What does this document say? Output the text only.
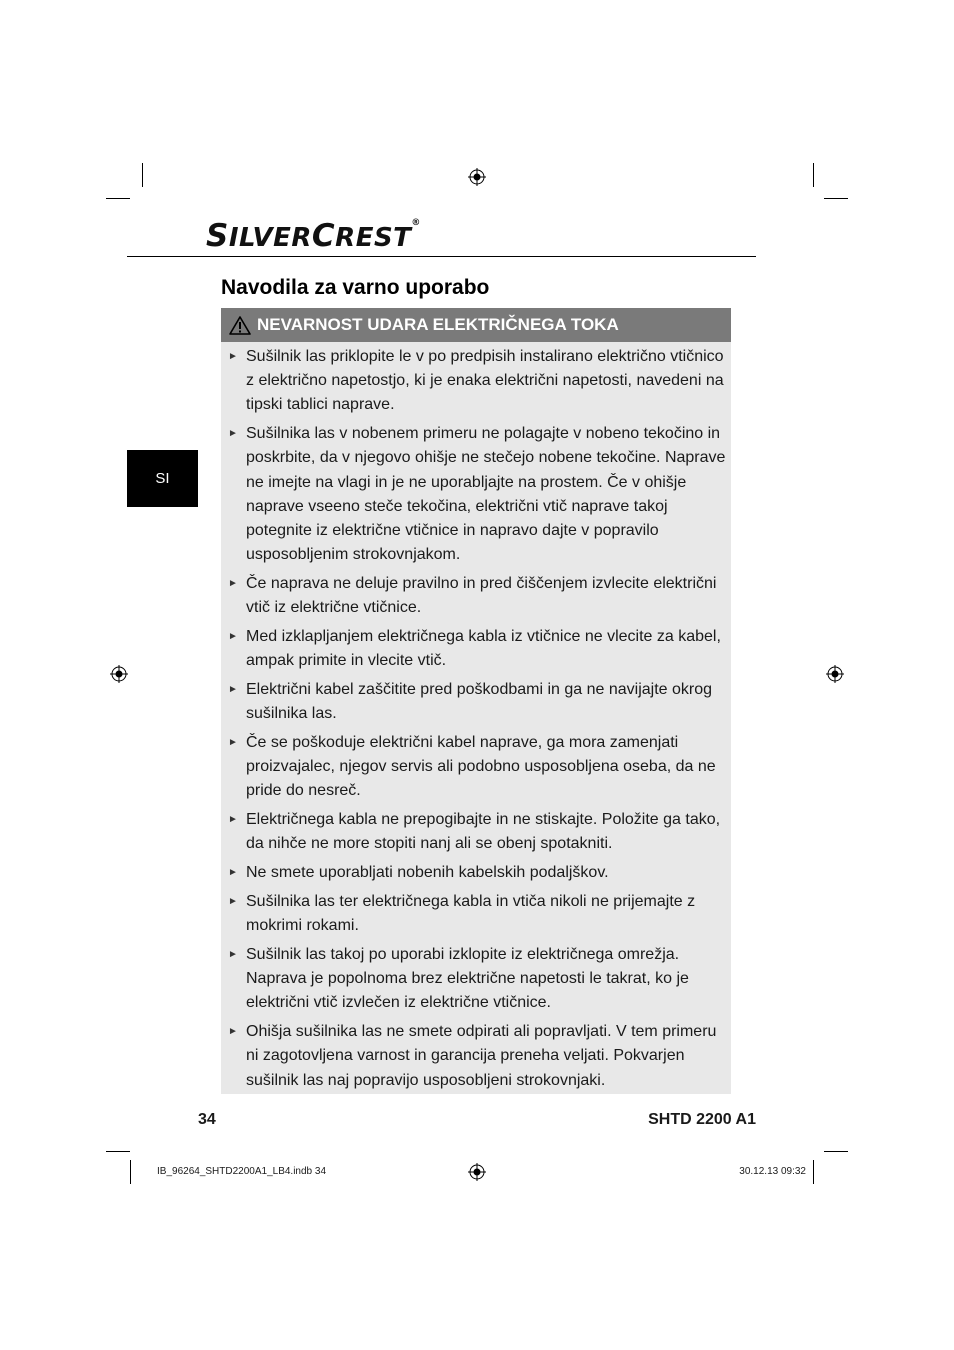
SILVERCREST®
Navodila za varno uporabo
SI
NEVARNOST UDARA ELEKTRIČNEGA TOKA
► Sušilnik las priklopite le v po predpisih instalirano električno vtičnico z električno napetostjo, ki je enaka električni napetosti, navedeni na tipski tablici naprave.
► Sušilnika las v nobenem primeru ne polagajte v nobeno tekočino in poskrbite, da v njegovo ohišje ne stečejo nobene tekočine. Naprave ne imejte na vlagi in je ne uporabljajte na prostem. Če v ohišje naprave vseeno steče tekočina, električni vtič naprave takoj potegnite iz električne vtičnice in napravo dajte v popravilo usposobljenim strokovnjakom.
► Če naprava ne deluje pravilno in pred čiščenjem izvlecite električni vtič iz električne vtičnice.
► Med izklapljanjem električnega kabla iz vtičnice ne vlecite za kabel, ampak primite in vlecite vtič.
► Električni kabel zaščitite pred poškodbami in ga ne navijajte okrog sušilnika las.
► Če se poškoduje električni kabel naprave, ga mora zamenjati proizvajalec, njegov servis ali podobno usposobljena oseba, da ne pride do nesreč.
► Električnega kabla ne prepogibajte in ne stiskajte. Položite ga tako, da nihče ne more stopiti nanj ali se obenj spotakniti.
► Ne smete uporabljati nobenih kabelskih podaljškov.
► Sušilnika las ter električnega kabla in vtiča nikoli ne prijemajte z mokrimi rokami.
► Sušilnik las takoj po uporabi izklopite iz električnega omrežja. Naprava je popolnoma brez električne napetosti le takrat, ko je električni vtič izvlečen iz električne vtičnice.
► Ohišja sušilnika las ne smete odpirati ali popravljati. V tem primeru ni zagotovljena varnost in garancija preneha veljati. Pokvarjen sušilnik las naj popravijo usposobljeni strokovnjaki.
34	SHTD 2200 A1
IB_96264_SHTD2200A1_LB4.indb 34	30.12.13 09:32
